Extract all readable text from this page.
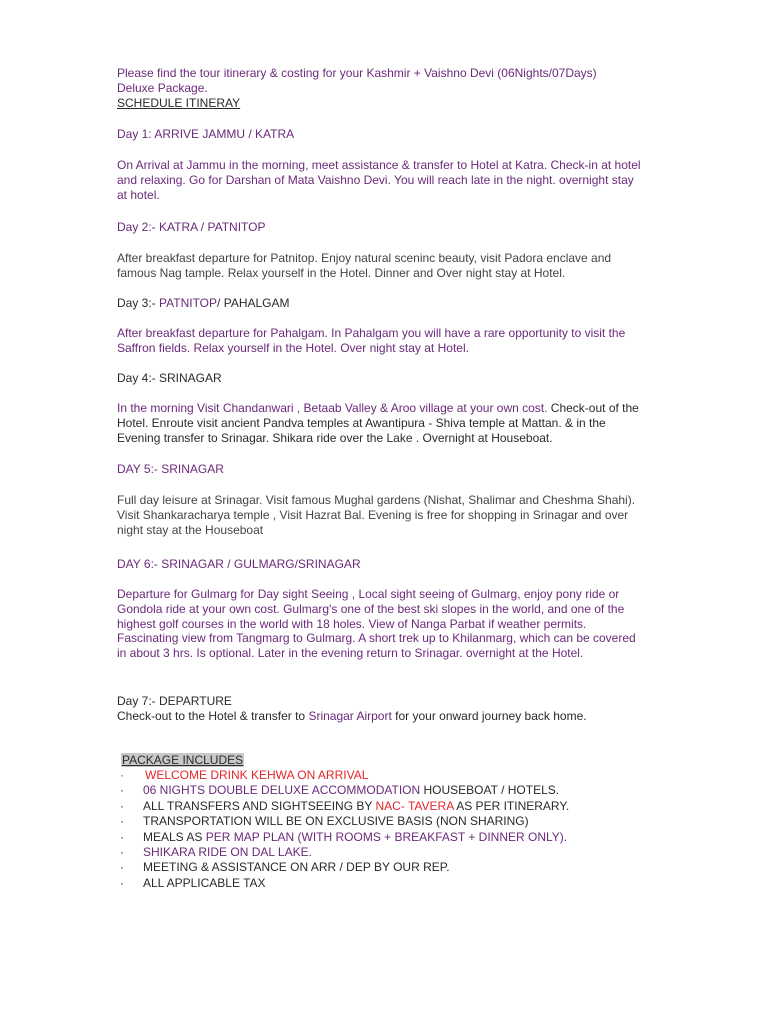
Please find the tour itinerary & costing for your Kashmir + Vaishno Devi (06Nights/07Days)
Deluxe Package.

SCHEDULE ITINERAY

Day 1: ARRIVE JAMMU / KATRA

On Arrival at Jammu in the morning, meet assistance & transfer to Hotel at Katra. Check-in at hotel and relaxing. Go for Darshan of Mata Vaishno Devi. You will reach late in the night. overnight stay at hotel.

Day 2:- KATRA / PATNITOP

After breakfast departure for Patnitop. Enjoy natural sceninc beauty, visit Padora enclave and famous Nag tample. Relax yourself in the Hotel. Dinner and Over night stay at Hotel.

Day 3:- PATNITOP/ PAHALGAM

After breakfast departure for Pahalgam. In Pahalgam you will have a rare opportunity to visit the Saffron fields. Relax yourself in the Hotel. Over night stay at Hotel.

Day 4:- SRINAGAR

In the morning Visit Chandanwari , Betaab Valley & Aroo village at your own cost. Check-out of the Hotel. Enroute visit ancient Pandva temples at Awantipura - Shiva temple at Mattan. & in the Evening transfer to Srinagar. Shikara ride over the Lake . Overnight at Houseboat.

DAY 5:- SRINAGAR

Full day leisure at Srinagar. Visit famous Mughal gardens (Nishat, Shalimar and Cheshma Shahi). Visit Shankaracharya temple , Visit Hazrat Bal. Evening is free for shopping in Srinagar and over night stay at the Houseboat

DAY 6:- SRINAGAR / GULMARG/SRINAGAR

Departure for Gulmarg for Day sight Seeing , Local sight seeing of Gulmarg, enjoy pony ride or Gondola ride at your own cost. Gulmarg's one of the best ski slopes in the world, and one of the highest golf courses in the world with 18 holes. View of Nanga Parbat if weather permits. Fascinating view from Tangmarg to Gulmarg. A short trek up to Khilanmarg, which can be covered in about 3 hrs. Is optional. Later in the evening return to Srinagar. overnight at the Hotel.

Day 7:- DEPARTURE

Check-out to the Hotel & transfer to Srinagar Airport for your onward journey back home.

PACKAGE INCLUDES

· WELCOME DRINK KEHWA ON ARRIVAL
· 06 NIGHTS DOUBLE DELUXE ACCOMMODATION HOUSEBOAT / HOTELS.
· ALL TRANSFERS AND SIGHTSEEING BY NAC- TAVERA AS PER ITINERARY.
· TRANSPORTATION WILL BE ON EXCLUSIVE BASIS (NON SHARING)
· MEALS AS PER MAP PLAN (WITH ROOMS + BREAKFAST + DINNER ONLY).
· SHIKARA RIDE ON DAL LAKE.
· MEETING & ASSISTANCE ON ARR / DEP BY OUR REP.
· ALL APPLICABLE TAX
